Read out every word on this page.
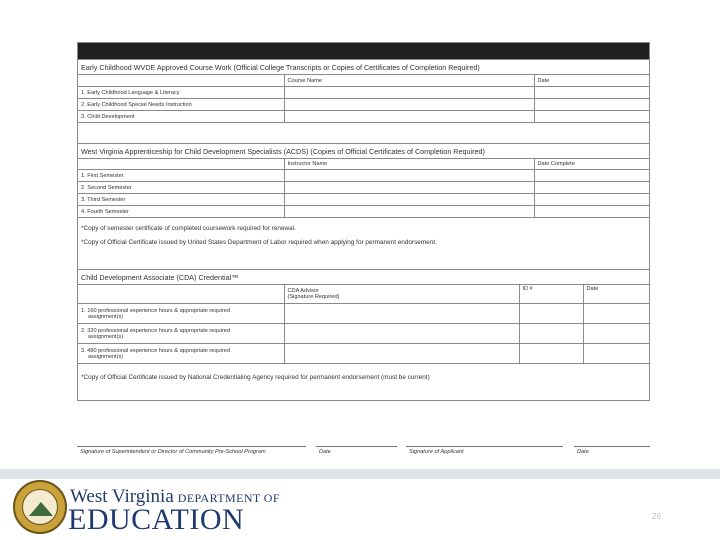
Early Childhood WVDE Approved Course Work (Official College Transcripts or Copies of Certificates of Completion Required)
	Course Name	Date
1. Early Childhood Language & Literacy		
2. Early Childhood Special Needs Instruction		
3. Child Development		
West Virginia Apprenticeship for Child Development Specialists (ACDS) (Copies of Official Certificates of Completion Required)
	Instructor Name	Date Complete
1. First Semester		
2. Second Semester		
3. Third Semester		
4. Fourth Semester		
*Copy of semester certificate of completed coursework required for renewal.
*Copy of Official Certificate issued by United States Department of Labor required when applying for permanent endorsement.
Child Development Associate (CDA) Credential™

	CDA Advisor
(Signature Required)	ID #	Date

1. 160 professional experience hours & appropriate required
assignment(s)			

2. 320 professional experience hours & appropriate required
assignment(s)			

3. 480 professional experience hours & appropriate required
assignment(s)			

*Copy of Official Certificate issued by National Credentialing Agency required for permanent endorsement (must be current)
Signature of Superintendent or Director of Community Pre-School Program	Date	Signature of Applicant	Date
West Virginia DEPARTMENT OF
EDUCATION	26
